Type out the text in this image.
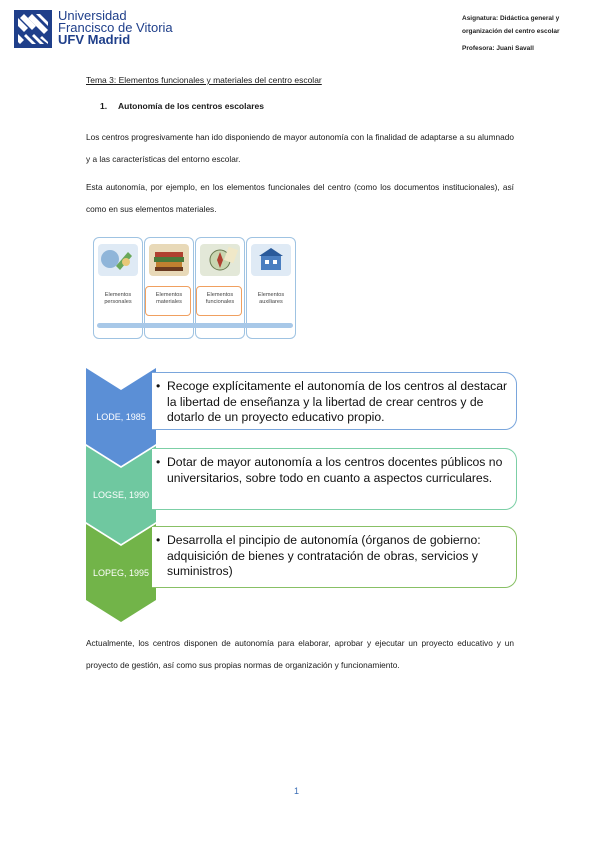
Universidad
Francisco de Vitoria
UFV Madrid
Asignatura: Didáctica general y organización del centro escolar
Profesora: Juani Savall
Tema 3: Elementos funcionales y materiales del centro escolar
1. Autonomía de los centros escolares
Los centros progresivamente han ido disponiendo de mayor autonomía con la finalidad de adaptarse a su alumnado y a las características del entorno escolar.
Esta autonomía, por ejemplo, en los elementos funcionales del centro (como los documentos institucionales), así como en sus elementos materiales.
Elementos personales
Elementos materiales
Elementos funcionales
Elementos auxiliares
LODE, 1985
• Recoge explícitamente el autonomía de los centros al destacar la libertad de enseñanza y la libertad de crear centros y de dotarlo de un proyecto educativo propio.
LOGSE, 1990
• Dotar de mayor autonomía a los centros docentes públicos no universitarios, sobre todo en cuanto a aspectos curriculares.
LOPEG, 1995
• Desarrolla el pincipio de autonomía (órganos de gobierno: adquisición de bienes y contratación de obras, servicios y suministros)
Actualmente, los centros disponen de autonomía para elaborar, aprobar y ejecutar un proyecto educativo y un proyecto de gestión, así como sus propias normas de organización y funcionamiento.
1
